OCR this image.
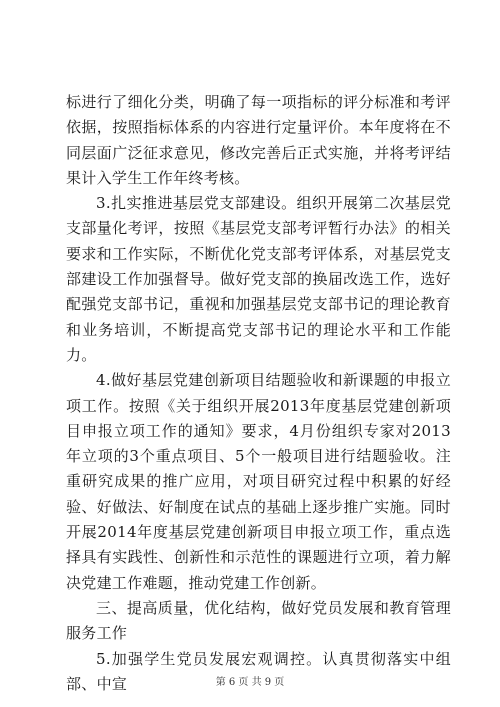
标进行了细化分类，明确了每一项指标的评分标准和考评依据，按照指标体系的内容进行定量评价。本年度将在不同层面广泛征求意见，修改完善后正式实施，并将考评结果计入学生工作年终考核。

3.扎实推进基层党支部建设。组织开展第二次基层党支部量化考评，按照《基层党支部考评暂行办法》的相关要求和工作实际，不断优化党支部考评体系，对基层党支部建设工作加强督导。做好党支部的换届改选工作，选好配强党支部书记，重视和加强基层党支部书记的理论教育和业务培训，不断提高党支部书记的理论水平和工作能力。

4.做好基层党建创新项目结题验收和新课题的申报立项工作。按照《关于组织开展2013年度基层党建创新项目申报立项工作的通知》要求，4月份组织专家对2013年立项的3个重点项目、5个一般项目进行结题验收。注重研究成果的推广应用，对项目研究过程中积累的好经验、好做法、好制度在试点的基础上逐步推广实施。同时开展2014年度基层党建创新项目申报立项工作，重点选择具有实践性、创新性和示范性的课题进行立项，着力解决党建工作难题，推动党建工作创新。

三、提高质量，优化结构，做好党员发展和教育管理服务工作

5.加强学生党员发展宏观调控。认真贯彻落实中组部、中宣	第 6 页 共 9 页
